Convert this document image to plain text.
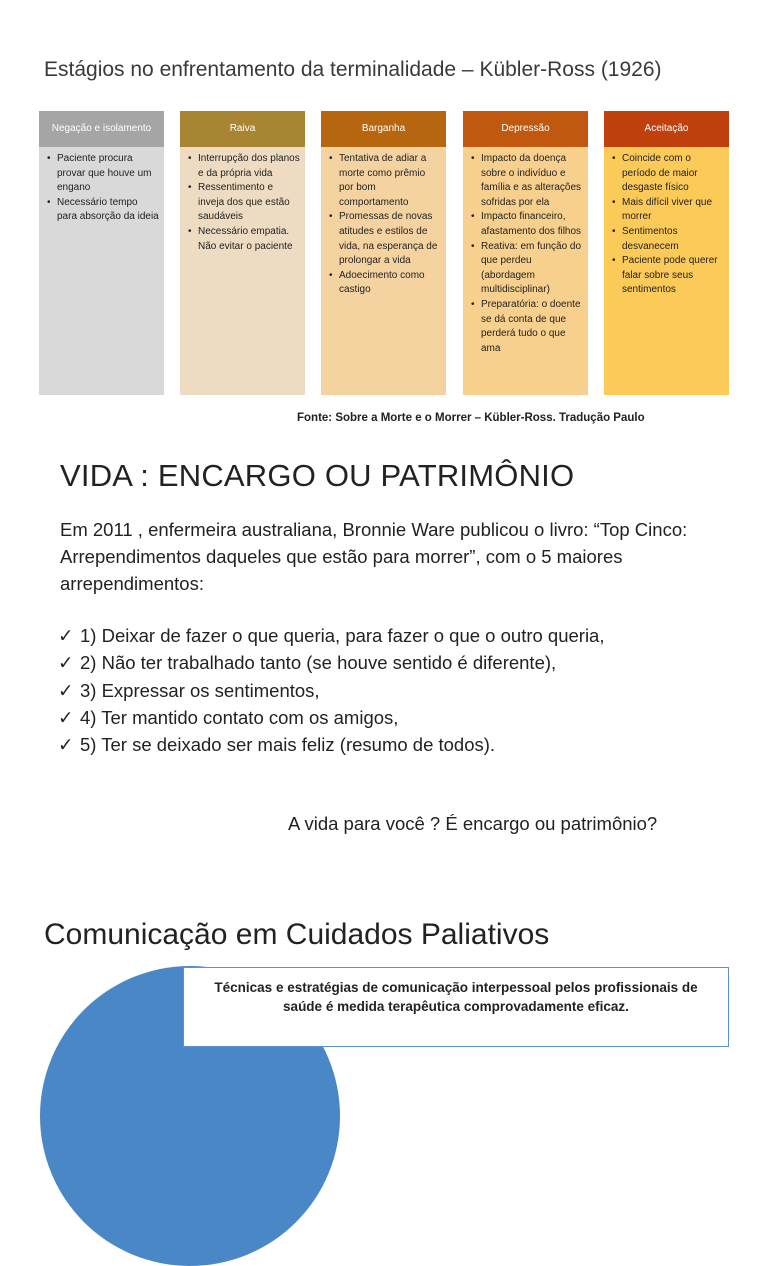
Estágios no enfrentamento da terminalidade – Kübler-Ross (1926)
Negação e isolamento
• Paciente procura provar que houve um engano
• Necessário tempo para absorção da ideia
Raiva
• Interrupção dos planos e da própria vida
• Ressentimento e inveja dos que estão saudáveis
• Necessário empatia. Não evitar o paciente
Barganha
• Tentativa de adiar a morte como prêmio por bom comportamento
• Promessas de novas atitudes e estilos de vida, na esperança de prolongar a vida
• Adoecimento como castigo
Depressão
• Impacto da doença sobre o indivíduo e família e as alterações sofridas por ela
• Impacto financeiro, afastamento dos filhos
• Reativa: em função do que perdeu (abordagem multidisciplinar)
• Preparatória: o doente se dá conta de que perderá tudo o que ama
Aceitação
• Coincide com o período de maior desgaste físico
• Mais difícil viver que morrer
• Sentimentos desvanecem
• Paciente pode querer falar sobre seus sentimentos
Fonte: Sobre a Morte e o Morrer – Kübler-Ross. Tradução Paulo
VIDA : ENCARGO OU PATRIMÔNIO
Em 2011 , enfermeira australiana, Bronnie Ware publicou o livro: “Top Cinco: Arrependimentos daqueles que estão para morrer”, com o 5 maiores arrependimentos:
✓ 1) Deixar de fazer o que queria, para fazer o que o outro queria,
✓ 2) Não ter trabalhado tanto (se houve sentido é diferente),
✓ 3) Expressar os sentimentos,
✓ 4) Ter mantido contato com os amigos,
✓ 5) Ter se deixado ser mais feliz (resumo de todos).
A vida para você ? É encargo ou patrimônio?
Comunicação em Cuidados Paliativos
Técnicas e estratégias de comunicação interpessoal pelos profissionais de saúde é medida terapêutica comprovadamente eficaz.
